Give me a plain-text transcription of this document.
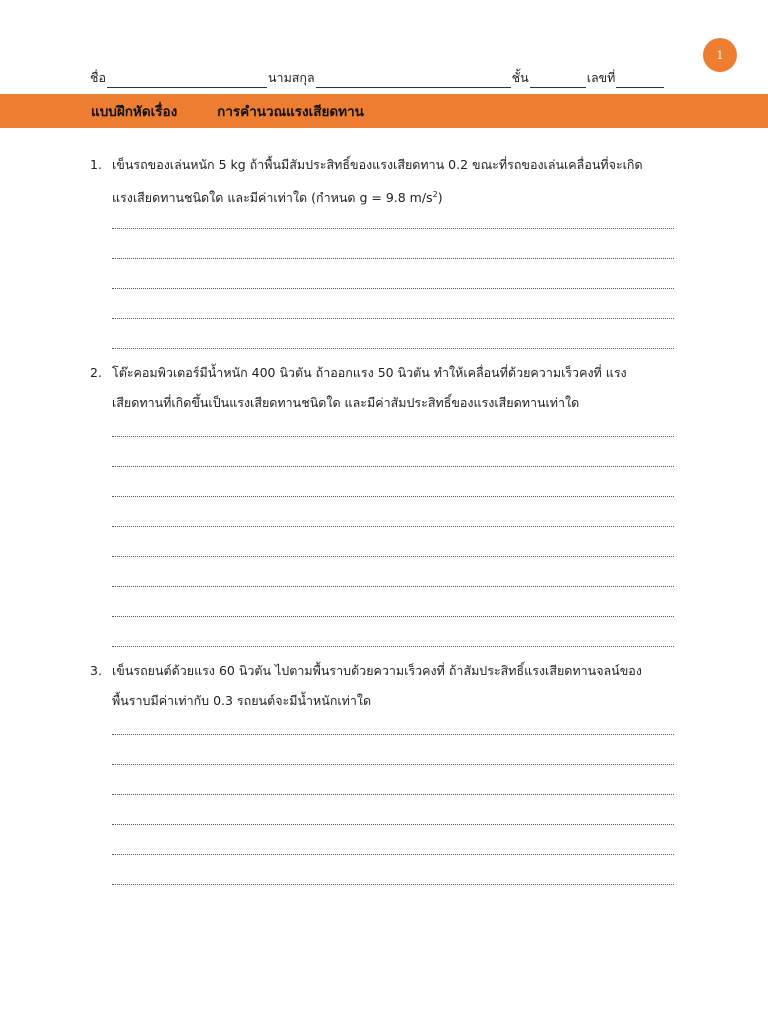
1
ชื่อ	นามสกุล	ชั้น	เลขที่
แบบฝึกหัดเรื่อง	การคำนวณแรงเสียดทาน
1. เข็นรถของเล่นหนัก 5 kg ถ้าพื้นมีสัมประสิทธิ์ของแรงเสียดทาน 0.2 ขณะที่รถของเล่นเคลื่อนที่จะเกิด
แรงเสียดทานชนิดใด และมีค่าเท่าใด (กำหนด g = 9.8 $m/s^2$)
2. โต๊ะคอมพิวเตอร์มีน้ำหนัก 400 นิวตัน ถ้าออกแรง 50 นิวตัน ทำให้เคลื่อนที่ด้วยความเร็วคงที่ แรง
เสียดทานที่เกิดขึ้นเป็นแรงเสียดทานชนิดใด และมีค่าสัมประสิทธิ์ของแรงเสียดทานเท่าใด
3. เข็นรถยนต์ด้วยแรง 60 นิวตัน ไปตามพื้นราบด้วยความเร็วคงที่ ถ้าสัมประสิทธิ์แรงเสียดทานจลน์ของ
พื้นราบมีค่าเท่ากับ 0.3 รถยนต์จะมีน้ำหนักเท่าใด
